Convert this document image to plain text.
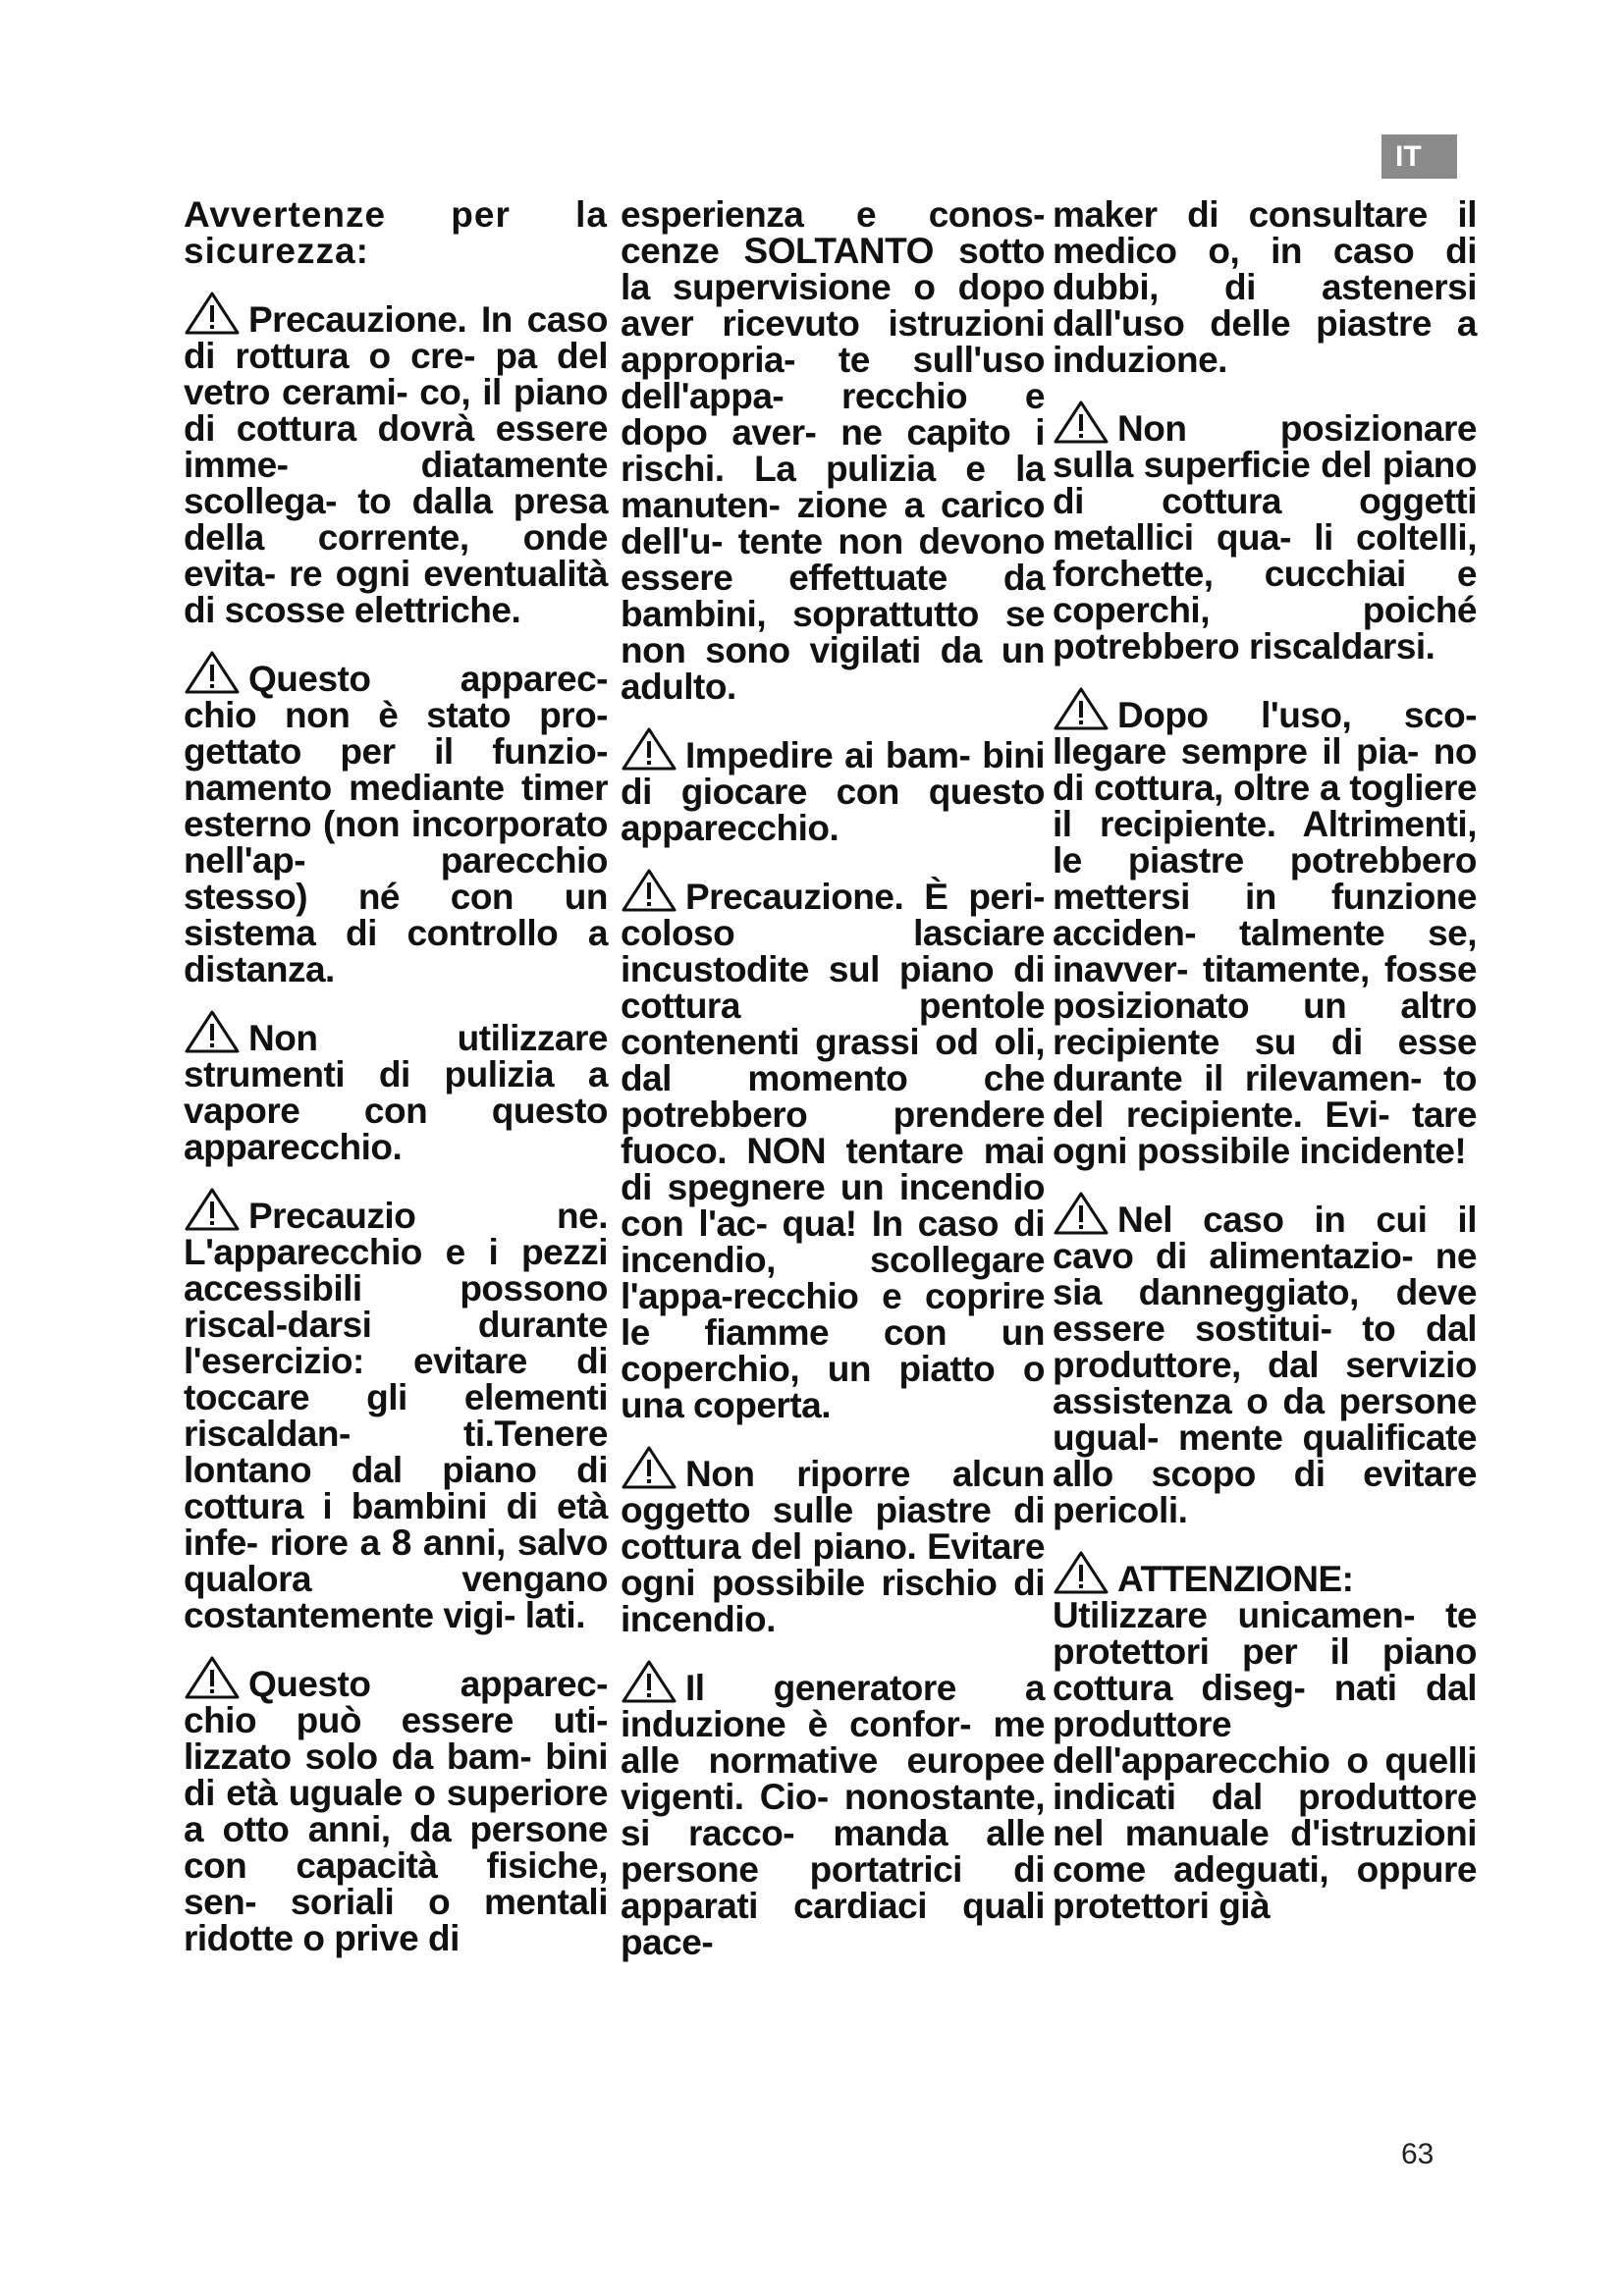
IT

Avvertenze per la sicurezza:

Precauzione. In caso di rottura o cre- pa del vetro cerami- co, il piano di cottura dovrà essere imme- diatamente scollega- to dalla presa della corrente, onde evita- re ogni eventualità di scosse elettriche.

Questo apparec- chio non è stato pro- gettato per il funzio- namento mediante timer esterno (non incorporato nell'ap- parecchio stesso) né con un sistema di controllo a distanza.

Non utilizzare strumenti di pulizia a vapore con questo apparecchio.

Precauzio ne. L'apparecchio e i pezzi accessibili possono riscal-darsi durante l'esercizio: evitare di toccare gli elementi riscaldan- ti.Tenere lontano dal piano di cottura i bambini di età infe- riore a 8 anni, salvo qualora vengano costantemente vigi- lati.

Questo apparec- chio può essere uti- lizzato solo da bam- bini di età uguale o superiore a otto anni, da persone con capacità fisiche, sen- soriali o mentali ridotte o prive di

esperienza e conos- cenze SOLTANTO sotto la supervisione o dopo aver ricevuto istruzioni appropria- te sull'uso dell'appa- recchio e dopo aver- ne capito i rischi. La pulizia e la manuten- zione a carico dell'u- tente non devono essere effettuate da bambini, soprattutto se non sono vigilati da un adulto.

Impedire ai bam- bini di giocare con questo apparecchio.

Precauzione. È peri-coloso lasciare incustodite sul piano di cottura pentole contenenti grassi od oli, dal momento che potrebbero prendere fuoco. NON tentare mai di spegnere un incendio con l'ac- qua! In caso di incendio, scollegare l'appa-recchio e coprire le fiamme con un coperchio, un piatto o una coperta.

Non riporre alcun oggetto sulle piastre di cottura del piano. Evitare ogni possibile rischio di incendio.

Il generatore a induzione è confor- me alle normative europee vigenti. Cio- nonostante, si racco- manda alle persone portatrici di apparati cardiaci quali pace-

maker di consultare il medico o, in caso di dubbi, di astenersi dall'uso delle piastre a induzione.

Non posizionare sulla superficie del piano di cottura oggetti metallici qua- li coltelli, forchette, cucchiai e coperchi, poiché potrebbero riscaldarsi.

Dopo l'uso, sco- llegare sempre il pia- no di cottura, oltre a togliere il recipiente. Altrimenti, le piastre potrebbero mettersi in funzione acciden- talmente se, inavver- titamente, fosse posizionato un altro recipiente su di esse durante il rilevamen- to del recipiente. Evi- tare ogni possibile incidente!

Nel caso in cui il cavo di alimentazio- ne sia danneggiato, deve essere sostitui- to dal produttore, dal servizio assistenza o da persone ugual- mente qualificate allo scopo di evitare pericoli.

ATTENZIONE: Utilizzare unicamen- te protettori per il piano cottura diseg- nati dal produttore dell'apparecchio o quelli indicati dal produttore nel manuale d'istruzioni come adeguati, oppure protettori già

63
